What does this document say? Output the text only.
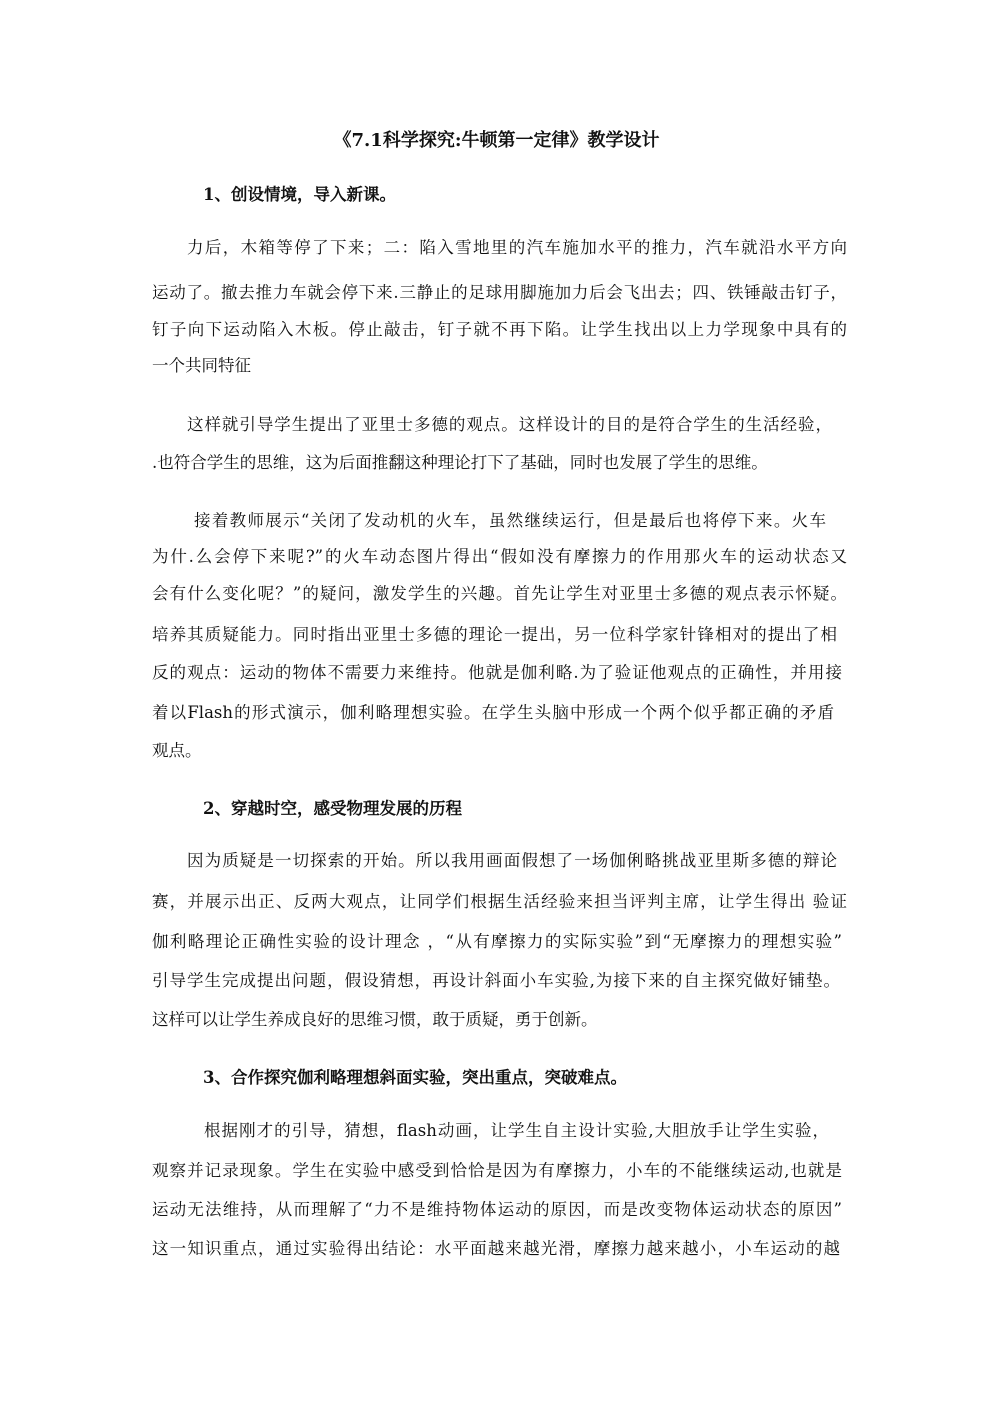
《7.1科学探究:牛顿第一定律》教学设计
1、创设情境，导入新课。

力后，木箱等停了下来；二：陷入雪地里的汽车施加水平的推力，汽车就沿水平方向

运动了。撤去推力车就会停下来.三静止的足球用脚施加力后会飞出去；四、铁锤敲击钉子，

钉子向下运动陷入木板。停止敲击，钉子就不再下陷。让学生找出以上力学现象中具有的

一个共同特征

这样就引导学生提出了亚里士多德的观点。这样设计的目的是符合学生的生活经验，

.也符合学生的思维，这为后面推翻这种理论打下了基础，同时也发展了学生的思维。

接着教师展示“关闭了发动机的火车，虽然继续运行，但是最后也将停下来。火车

为什.么会停下来呢?”的火车动态图片得出“假如没有摩擦力的作用那火车的运动状态又

会有什么变化呢？”的疑问，激发学生的兴趣。首先让学生对亚里士多德的观点表示怀疑。

培养其质疑能力。同时指出亚里士多德的理论一提出，另一位科学家针锋相对的提出了相

反的观点：运动的物体不需要力来维持。他就是伽利略.为了验证他观点的正确性，并用接

着以Flash的形式演示，伽利略理想实验。在学生头脑中形成一个两个似乎都正确的矛盾

观点。

2、穿越时空，感受物理发展的历程

因为质疑是一切探索的开始。所以我用画面假想了一场伽俐略挑战亚里斯多德的辩论

赛，并展示出正、反两大观点，让同学们根据生活经验来担当评判主席，让学生得出 验证

伽利略理论正确性实验的设计理念 ，“从有摩擦力的实际实验”到“无摩擦力的理想实验”

引导学生完成提出问题，假设猜想，再设计斜面小车实验,为接下来的自主探究做好铺垫。

这样可以让学生养成良好的思维习惯，敢于质疑，勇于创新。

3、合作探究伽利略理想斜面实验，突出重点，突破难点。

根据刚才的引导，猜想，flash动画，让学生自主设计实验,大胆放手让学生实验，

观察并记录现象。学生在实验中感受到恰恰是因为有摩擦力，小车的不能继续运动,也就是

运动无法维持，从而理解了“力不是维持物体运动的原因，而是改变物体运动状态的原因”

这一知识重点，通过实验得出结论：水平面越来越光滑，摩擦力越来越小，小车运动的越
